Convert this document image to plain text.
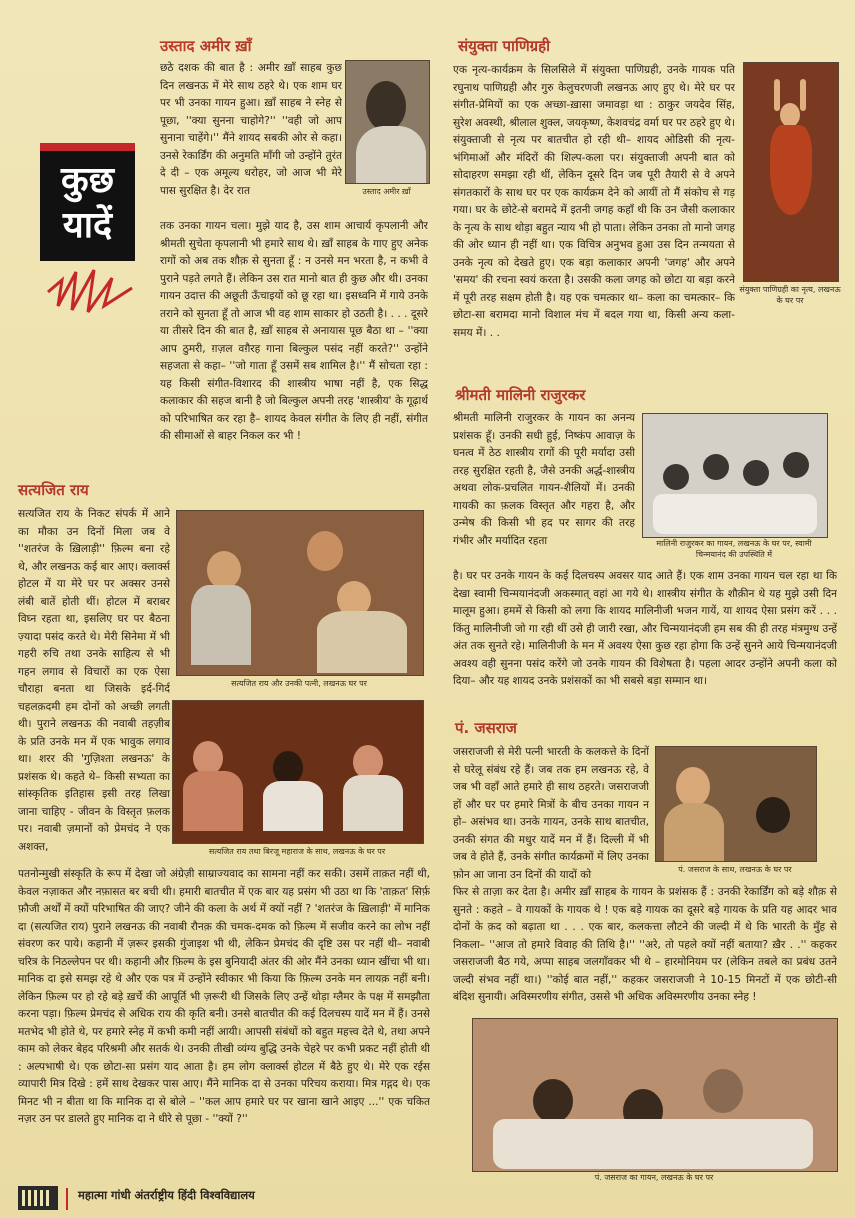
कुछ
यादें
उस्ताद अमीर ख़ाँ
छठे दशक की बात है : अमीर ख़ाँ साहब कुछ दिन लखनऊ में मेरे साथ ठहरे थे। एक शाम घर पर भी उनका गायन हुआ। ख़ाँ साहब ने स्नेह से पूछा, ''क्या सुनना चाहोगे?'' ''वही जो आप सुनाना चाहेंगे।'' मैंने शायद सबकी ओर से कहा। उनसे रेकार्डिंग की अनुमति माँगी जो उन्होंने तुरंत दे दी – एक अमूल्य धरोहर, जो आज भी मेरे पास सुरक्षित है। देर रात	उस्ताद अमीर ख़ाँ
तक उनका गायन चला। मुझे याद है, उस शाम आचार्य कृपलानी और श्रीमती सुचेता कृपलानी भी हमारे साथ थे। ख़ाँ साहब के गाए हुए अनेक रागों को अब तक शौक़ से सुनता हूँ : न उनसे मन भरता है, न कभी वे पुराने पड़ते लगते हैं। लेकिन उस रात मानो बात ही कुछ और थी। उनका गायन उदात्त की अछूती ऊँचाइयों को छू रहा था। इसध्वनि में गाये उनके तराने को सुनता हूँ तो आज भी वह शाम साकार हो उठती है। . . . दूसरे या तीसरे दिन की बात है, ख़ाँ साहब से अनायास पूछ बैठा था – ''क्या आप ठुमरी, ग़ज़ल वग़ैरह गाना बिल्कुल पसंद नहीं करते?'' उन्होंने सहजता से कहा– ''जो गाता हूँ उसमें सब शामिल है।'' मैं सोचता रहा : यह किसी संगीत-विशारद की शास्त्रीय भाषा नहीं है, एक सिद्ध कलाकार की सहज बानी है जो बिल्कुल अपनी तरह 'शास्त्रीय' के गूढ़ार्थ को परिभाषित कर रहा है– शायद केवल संगीत के लिए ही नहीं, संगीत की सीमाओं से बाहर निकल कर भी !
संयुक्ता पाणिग्रही
एक नृत्य-कार्यक्रम के सिलसिले में संयुक्ता पाणिग्रही, उनके गायक पति रघुनाथ पाणिग्रही और गुरु केलुचरणजी लखनऊ आए हुए थे। मेरे घर पर संगीत-प्रेमियों का एक अच्छा-ख़ासा जमावड़ा था : ठाकुर जयदेव सिंह, सुरेश अवस्थी, श्रीलाल शुक्ल, जयकृष्ण, केशवचंद्र वर्मा घर पर ठहरे हुए थे। संयुक्ताजी से नृत्य पर बातचीत हो रही थी– शायद ओडिसी की नृत्य-भंगिमाओं और मंदिरों की शिल्प-कला पर। संयुक्ताजी अपनी बात को सोदाहरण समझा रही थीं, लेकिन दूसरे दिन जब पूरी तैयारी से वे अपने संगतकारों के साथ घर पर एक कार्यक्रम देने को आयीं तो मैं संकोच से गड़ गया। घर के छोटे-से बरामदे में इतनी जगह कहाँ थी कि उन जैसी कलाकार के नृत्य के साथ थोड़ा बहुत न्याय भी हो पाता। लेकिन उनका तो मानो जगह की ओर ध्यान ही नहीं था। एक विचित्र अनुभव हुआ उस दिन तन्मयता से उनके नृत्य को देखते हुए। एक बड़ा कलाकार अपनी 'जगह' और अपने 'समय' की रचना स्वयं करता है। उसकी कला जगह को छोटा या बड़ा करने में पूरी तरह सक्षम होती है। यह एक चमत्कार था– कला का चमत्कार– कि छोटा-सा बरामदा मानो विशाल मंच में बदल गया था, किसी अन्य कला-समय में। . .
संयुक्ता पाणिग्रही का नृत्य, लखनऊ के घर पर
श्रीमती मालिनी राजुरकर
श्रीमती मालिनी राजुरकर के गायन का अनन्य प्रशंसक हूँ। उनकी सधी हुई, निष्कंप आवाज़ के घनत्व में ठेठ शास्त्रीय रागों की पूरी मर्यादा उसी तरह सुरक्षित रहती है, जैसे उनकी अर्द्ध-शास्त्रीय अथवा लोक-प्रचलित गायन-शैलियों में। उनकी गायकी का फ़लक विस्तृत और गहरा है, और उन्मेष की किसी भी हद पर सागर की तरह गंभीर और मर्यादित रहता	मालिनी राजुरकर का गायन, लखनऊ के घर पर, स्वामी चिन्मयानंद की उपस्थिति में
है। घर पर उनके गायन के कई दिलचस्प अवसर याद आते हैं। एक शाम उनका गायन चल रहा था कि देखा स्वामी चिन्मयानंदजी अकस्मात् वहां आ गये थे। शास्त्रीय संगीत के शौक़ीन थे यह मुझे उसी दिन मालूम हुआ। हममें से किसी को लगा कि शायद मालिनीजी भजन गायें, या शायद ऐसा प्रसंग करें . . . किंतु मालिनीजी जो गा रही थीं उसे ही जारी रखा, और चिन्मयानंदजी हम सब की ही तरह मंत्रमुग्ध उन्हें अंत तक सुनते रहे। मालिनीजी के मन में अवश्य ऐसा कुछ रहा होगा कि उन्हें सुनने आये चिन्मयानंदजी अवश्य वही सुनना पसंद करेंगे जो उनके गायन की विशेषता है। पहला आदर उन्होंने अपनी कला को दिया– और यह शायद उनके प्रशंसकों का भी सबसे बड़ा सम्मान था।
पं. जसराज
जसराजजी से मेरी पत्नी भारती के कलकत्ते के दिनों से घरेलू संबंध रहे हैं। जब तक हम लखनऊ रहे, वे जब भी वहाँ आते हमारे ही साथ ठहरते। जसराजजी हों और घर पर हमारे मित्रों के बीच उनका गायन न हो– असंभव था। उनके गायन, उनके साथ बातचीत, उनकी संगत की मधुर यादें मन में हैं। दिल्ली में भी जब वे होते हैं, उनके संगीत कार्यक्रमों में लिए उनका फ़ोन आ जाना उन दिनों की यादों को	पं. जसराज के साथ, लखनऊ के घर पर
फिर से ताज़ा कर देता है। अमीर ख़ाँ साहब के गायन के प्रशंसक हैं : उनकी रेकार्डिंग को बड़े शौक़ से सुनते : कहते – वे गायकों के गायक थे ! एक बड़े गायक का दूसरे बड़े गायक के प्रति यह आदर भाव दोनों के क़द को बढ़ाता था . . . एक बार, कलकत्ता लौटने की जल्दी में थे कि भारती के मुँह से निकला– ''आज तो हमारे विवाह की तिथि है।'' ''अरे, तो पहले क्यों नहीं बताया? ख़ैर . .'' कहकर जसराजजी बैठ गये, अप्पा साहब जलगाँवकर भी थे – हारमोनियम पर (लेकिन तबले का प्रबंध उतने जल्दी संभव नहीं था।) ''कोई बात नहीं,'' कहकर जसराजजी ने 10-15 मिनटों में एक छोटी-सी बंदिश सुनायी। अविस्मरणीय संगीत, उससे भी अधिक अविस्मरणीय उनका स्नेह !
पं. जसराज का गायन, लखनऊ के घर पर
सत्यजित राय
सत्यजित राय के निकट संपर्क में आने का मौका उन दिनों मिला जब वे ''शतरंज के ख़िलाड़ी'' फ़िल्म बना रहे थे, और लखनऊ कई बार आए। क्लार्क्स होटल में या मेरे घर पर अक्सर उनसे लंबी बातें होती थीं। होटल में बराबर विघ्न रहता था, इसलिए घर पर बैठना ज़्यादा पसंद करते थे। मेरी सिनेमा में भी गहरी रुचि तथा उनके साहित्य से भी गहन लगाव से विचारों का एक ऐसा चौराहा बनता था जिसके इर्द-गिर्द चहलक़दमी हम दोनों को अच्छी लगती थी। पुराने लखनऊ की नवाबी तहज़ीब के प्रति उनके मन में एक भावुक लगाव था। शरर की 'गुज़िश्ता लखनऊ' के प्रशंसक थे। कहते थे– किसी सभ्यता का सांस्कृतिक इतिहास इसी तरह लिखा जाना चाहिए - जीवन के विस्तृत फ़लक पर। नवाबी ज़मानों को प्रेमचंद ने एक अशक्त,
सत्यजित राय और उनकी पत्नी, लखनऊ घर पर
सत्यजित राय तथा बिरजू महाराज के साथ, लखनऊ के घर पर
पतनोन्मुखी संस्कृति के रूप में देखा जो अंग्रेज़ी साम्राज्यवाद का सामना नहीं कर सकी। उसमें ताक़त नहीं थी, केवल नज़ाकत और नफ़ासत बर बची थी। हमारी बातचीत में एक बार यह प्रसंग भी उठा था कि 'ताक़त' सिर्फ़ फ़ौजी अर्थों में क्यों परिभाषित की जाए? जीने की कला के अर्थ में क्यों नहीं ? 'शतरंज के ख़िलाड़ी' में मानिक दा (सत्यजित राय) पुराने लखनऊ की नवाबी रौनक़ की चमक-दमक को फ़िल्म में सजीव करने का लोभ नहीं संवरण कर पाये। कहानी में ज़रूर इसकी गुंजाइश भी थी, लेकिन प्रेमचंद की दृष्टि उस पर नहीं थी– नवाबी चरित्र के निठल्लेपन पर थी। कहानी और फ़िल्म के इस बुनियादी अंतर की ओर मैंने उनका ध्यान खींचा भी था। मानिक दा इसे समझ रहे थे और एक पत्र में उन्होंने स्वीकार भी किया कि फ़िल्म उनके मन लायक़ नहीं बनी। लेकिन फ़िल्म पर हो रहे बड़े ख़र्चे की आपूर्ति भी ज़रूरी थी जिसके लिए उन्हें थोड़ा ग्लैमर के पक्ष में समझौता करना पड़ा। फ़िल्म प्रेमचंद से अधिक राय की कृति बनी। उनसे बातचीत की कई दिलचस्प यादें मन में हैं। उनसे मतभेद भी होते थे, पर हमारे स्नेह में कभी कमी नहीं आयी। आपसी संबंधों को बहुत महत्त्व देते थे, तथा अपने काम को लेकर बेहद परिश्रमी और सतर्क थे। उनकी तीखी व्यंग्य बुद्धि उनके चेहरे पर कभी प्रकट नहीं होती थी : अल्पभाषी थे। एक छोटा-सा प्रसंग याद आता है। हम लोग क्लार्क्स होटल में बैठे हुए थे। मेरे एक रईस व्यापारी मित्र दिखे : हमें साथ देखकर पास आए। मैंने मानिक दा से उनका परिचय कराया। मित्र गद्गद थे। एक मिनट भी न बीता था कि मानिक दा से बोले – ''कल आप हमारे घर पर खाना खाने आइए ...'' एक चकित नज़र उन पर डालते हुए मानिक दा ने धीरे से पूछा - ''क्यों ?''
महात्मा गांधी अंतर्राष्ट्रीय हिंदी विश्वविद्यालय
